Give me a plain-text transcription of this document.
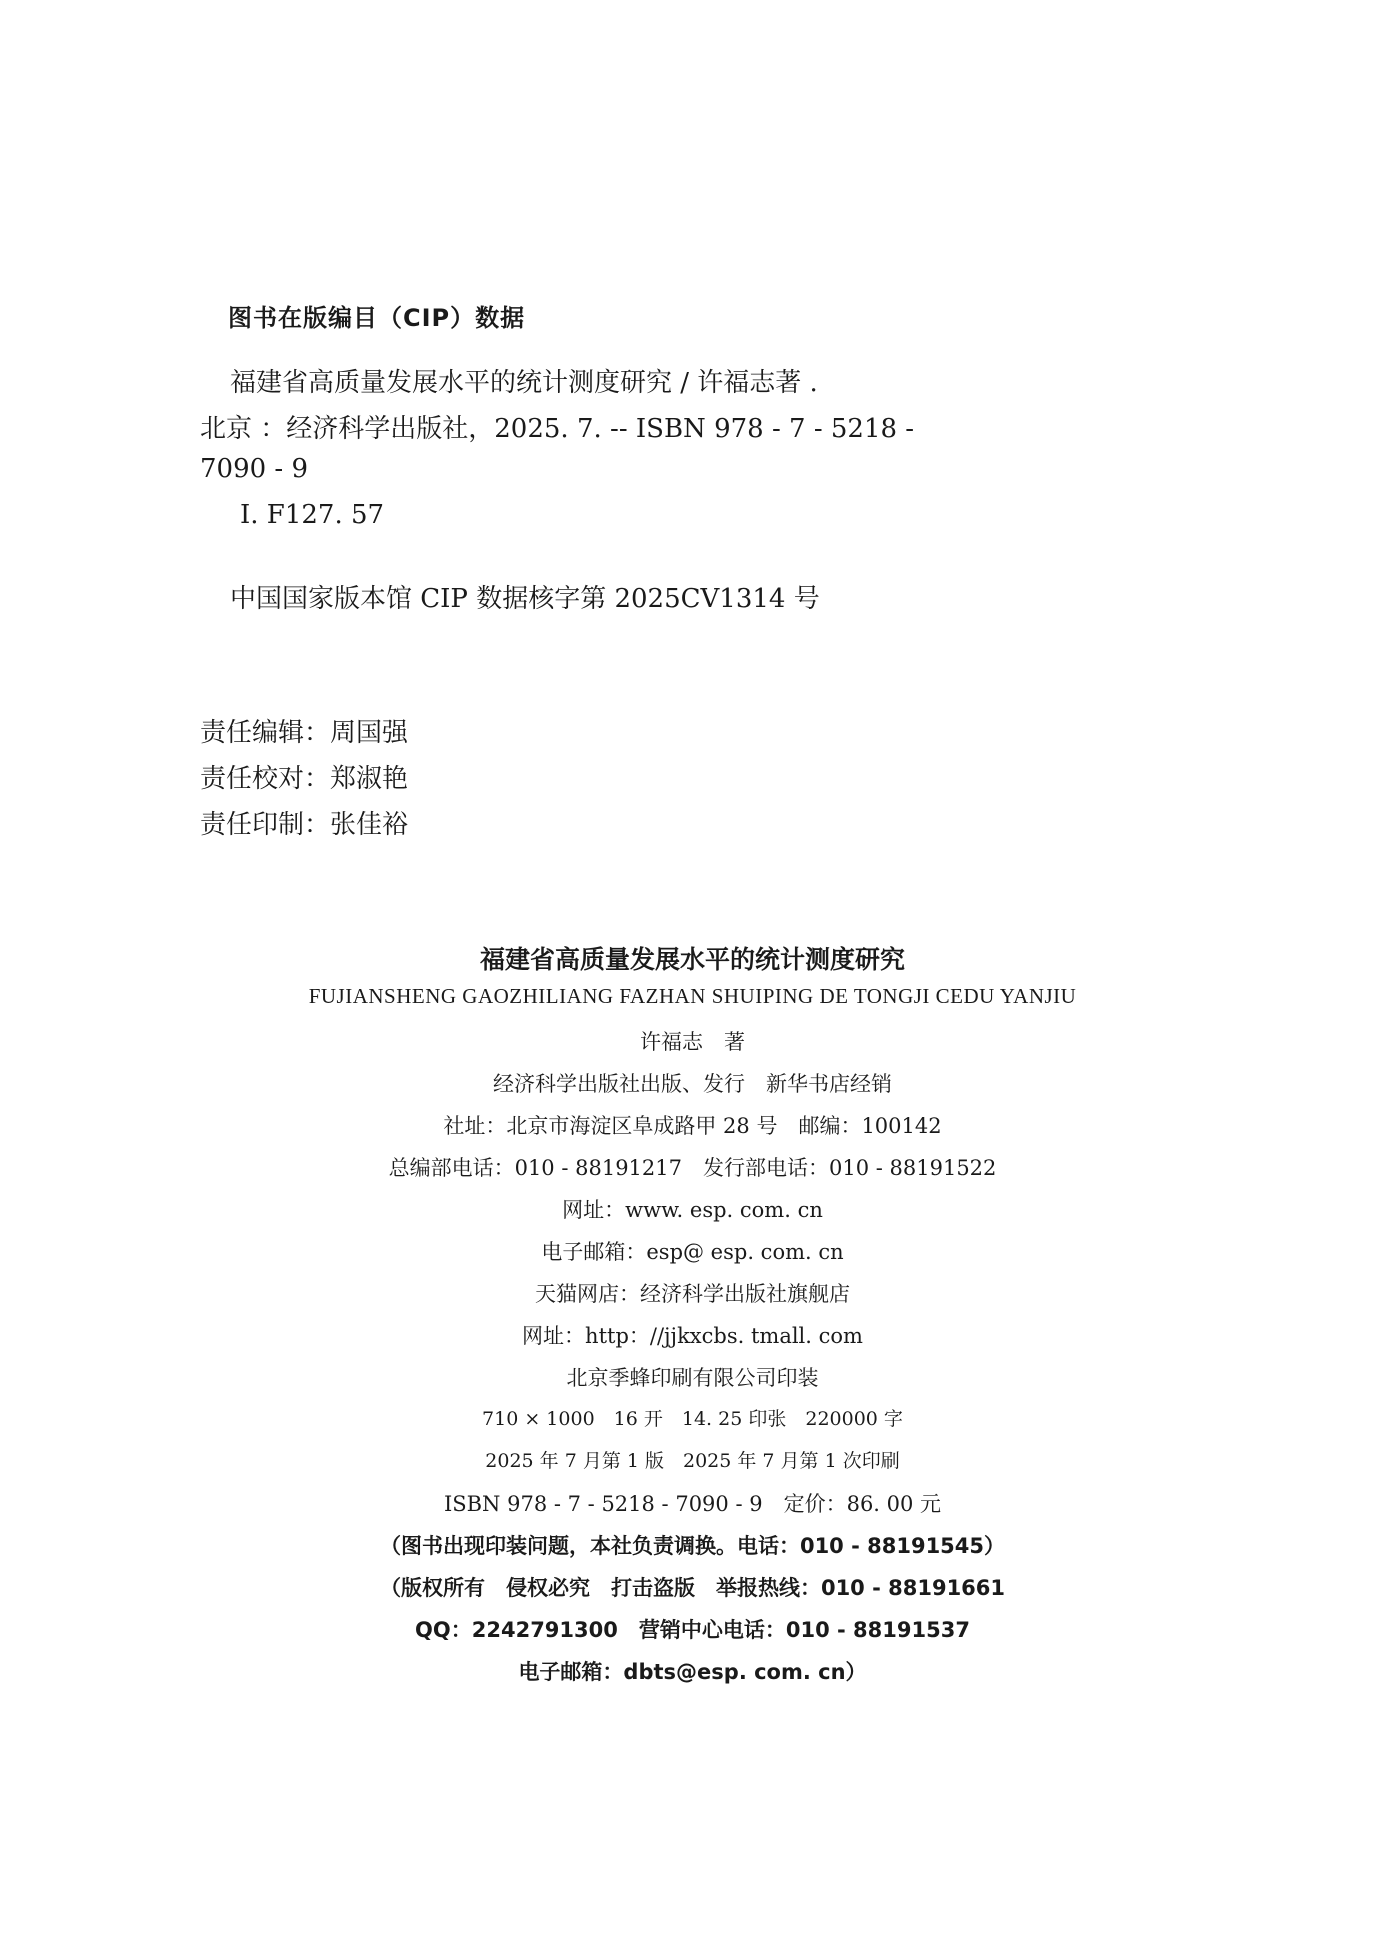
图书在版编目（CIP）数据
福建省高质量发展水平的统计测度研究 / 许福志著 .
北京 ：经济科学出版社，2025. 7. -- ISBN 978 - 7 - 5218 -
7090 - 9
Ⅰ. F127. 57
中国国家版本馆 CIP 数据核字第 2025CV1314 号
责任编辑：周国强
责任校对：郑淑艳
责任印制：张佳裕
福建省高质量发展水平的统计测度研究
FUJIANSHENG GAOZHILIANG FAZHAN SHUIPING DE TONGJI CEDU YANJIU
许福志　著
经济科学出版社出版、发行　新华书店经销
社址：北京市海淀区阜成路甲 28 号　邮编：100142
总编部电话：010 - 88191217　发行部电话：010 - 88191522
网址：www. esp. com. cn
电子邮箱：esp@ esp. com. cn
天猫网店：经济科学出版社旗舰店
网址：http：//jjkxcbs. tmall. com
北京季蜂印刷有限公司印装
710 × 1000　16 开　14. 25 印张　220000 字
2025 年 7 月第 1 版　2025 年 7 月第 1 次印刷
ISBN 978 - 7 - 5218 - 7090 - 9　定价：86. 00 元
（图书出现印装问题，本社负责调换。电话：010 - 88191545）
（版权所有　侵权必究　打击盗版　举报热线：010 - 88191661
QQ：2242791300　营销中心电话：010 - 88191537
电子邮箱：dbts@esp. com. cn）
